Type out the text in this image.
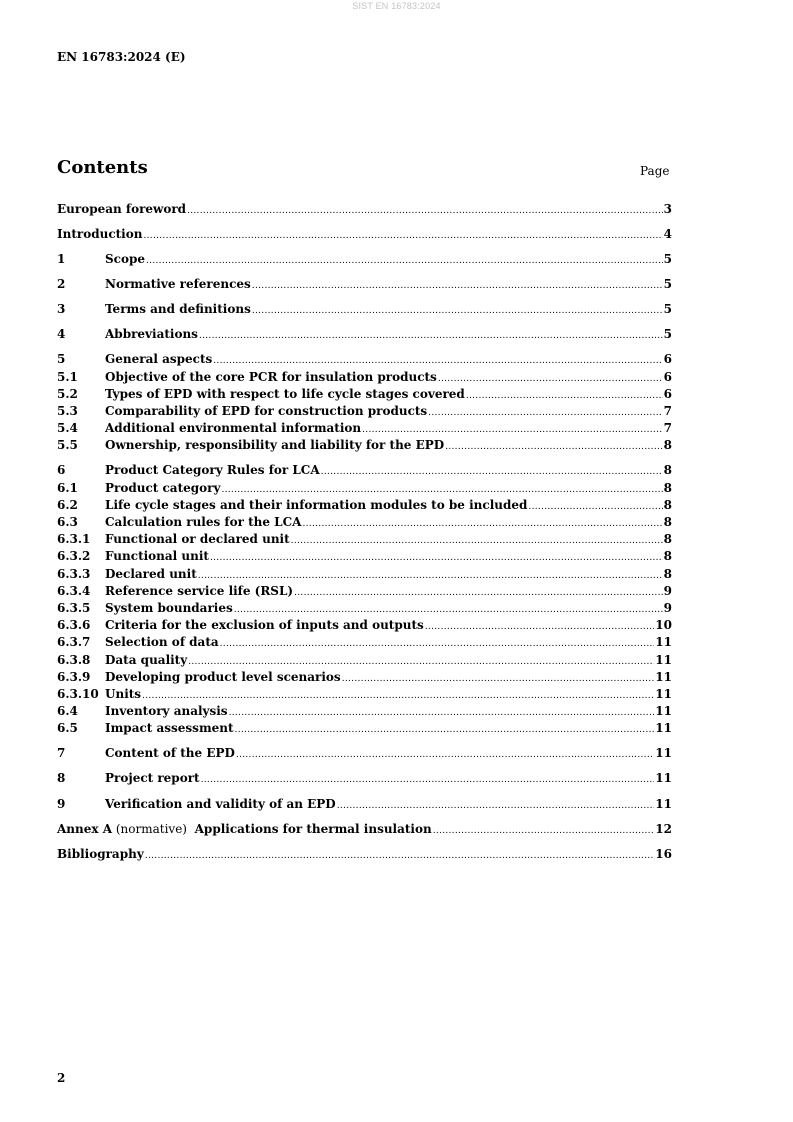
SIST EN 16783:2024
EN 16783:2024 (E)
Contents	Page
European foreword .....	3
Introduction .....	4
1	Scope .....	5
2	Normative references .....	5
3	Terms and definitions .....	5
4	Abbreviations .....	5
5	General aspects .....	6
5.1	Objective of the core PCR for insulation products .....	6
5.2	Types of EPD with respect to life cycle stages covered .....	6
5.3	Comparability of EPD for construction products .....	7
5.4	Additional environmental information .....	7
5.5	Ownership, responsibility and liability for the EPD .....	8
6	Product Category Rules for LCA .....	8
6.1	Product category .....	8
6.2	Life cycle stages and their information modules to be included .....	8
6.3	Calculation rules for the LCA .....	8
6.3.1	Functional or declared unit .....	8
6.3.2	Functional unit .....	8
6.3.3	Declared unit .....	8
6.3.4	Reference service life (RSL) .....	9
6.3.5	System boundaries .....	9
6.3.6	Criteria for the exclusion of inputs and outputs .....	10
6.3.7	Selection of data .....	11
6.3.8	Data quality .....	11
6.3.9	Developing product level scenarios .....	11
6.3.10 Units .....	11
6.4	Inventory analysis .....	11
6.5	Impact assessment .....	11
7	Content of the EPD .....	11
8	Project report .....	11
9	Verification and validity of an EPD .....	11
Annex A (normative)  Applications for thermal insulation .....	12
Bibliography .....	16
2
